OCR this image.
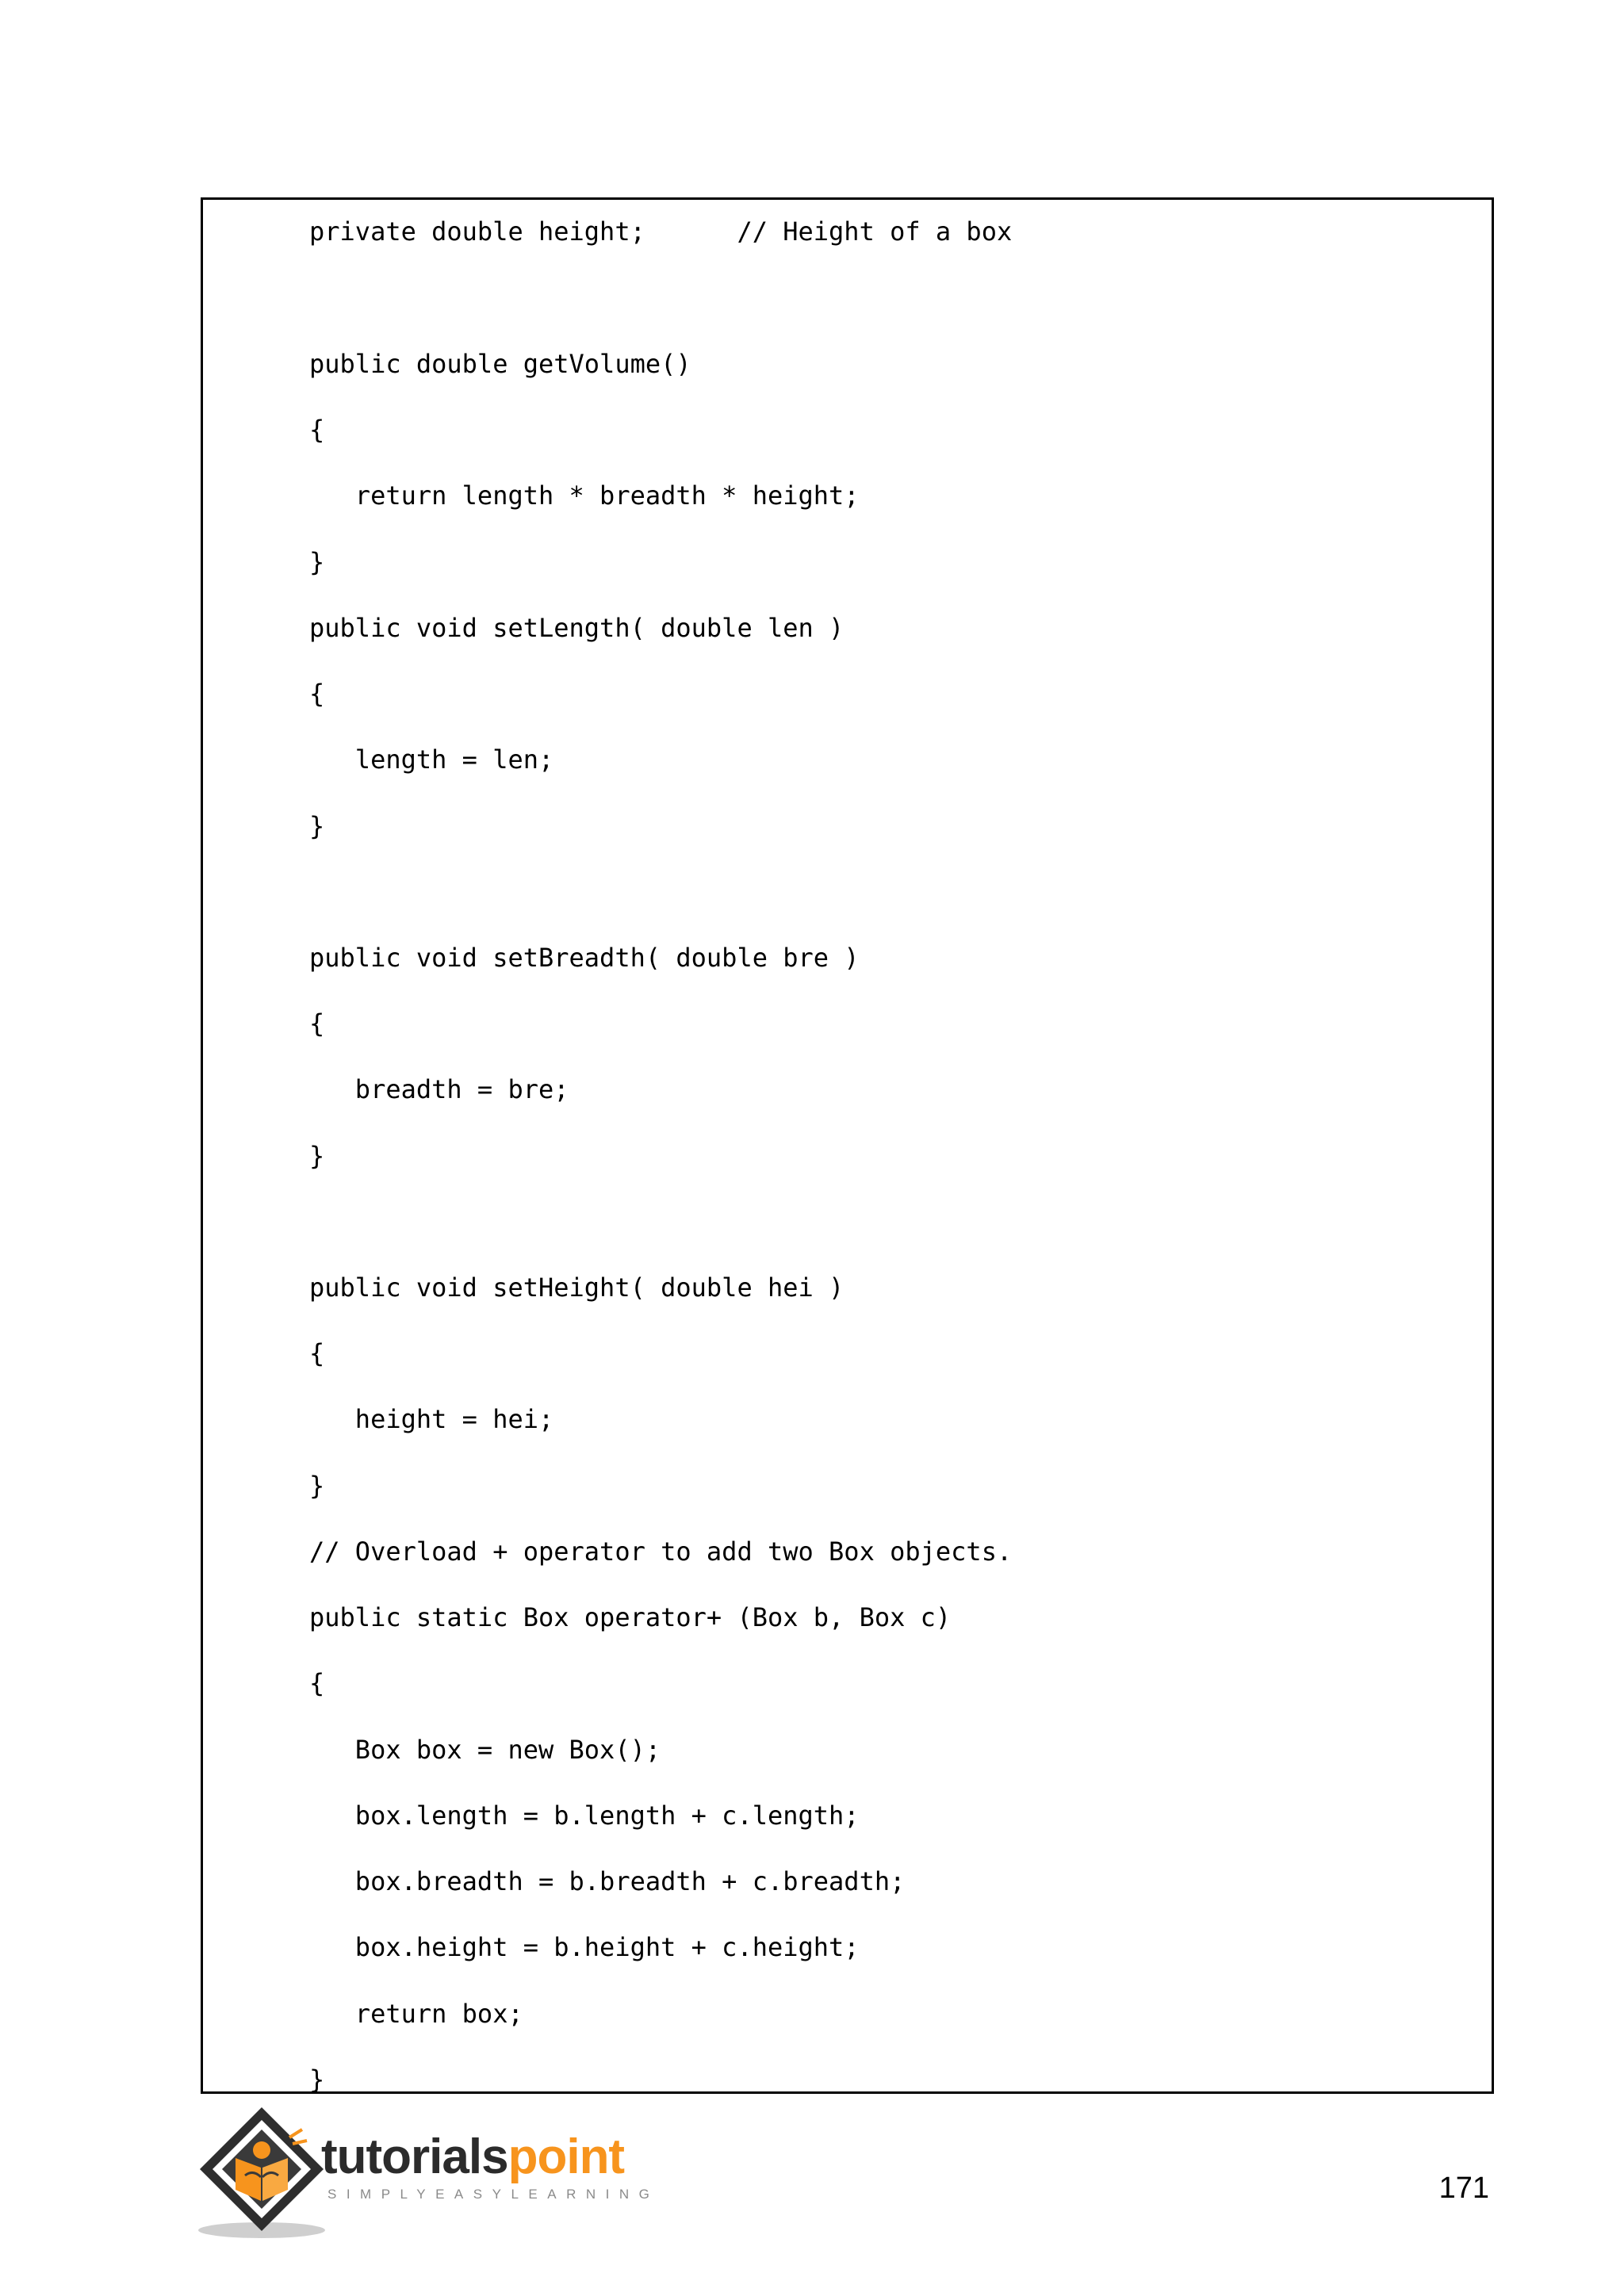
private double height;      // Height of a box
public double getVolume()
{
return length * breadth * height;
}
public void setLength( double len )
{
length = len;
}
public void setBreadth( double bre )
{
breadth = bre;
}
public void setHeight( double hei )
{
height = hei;
}
// Overload + operator to add two Box objects.
public static Box operator+ (Box b, Box c)
{
Box box = new Box();
box.length = b.length + c.length;
box.breadth = b.breadth + c.breadth;
box.height = b.height + c.height;
return box;
}
tutorialspoint
SIMPLYEASYLEARNING	171
